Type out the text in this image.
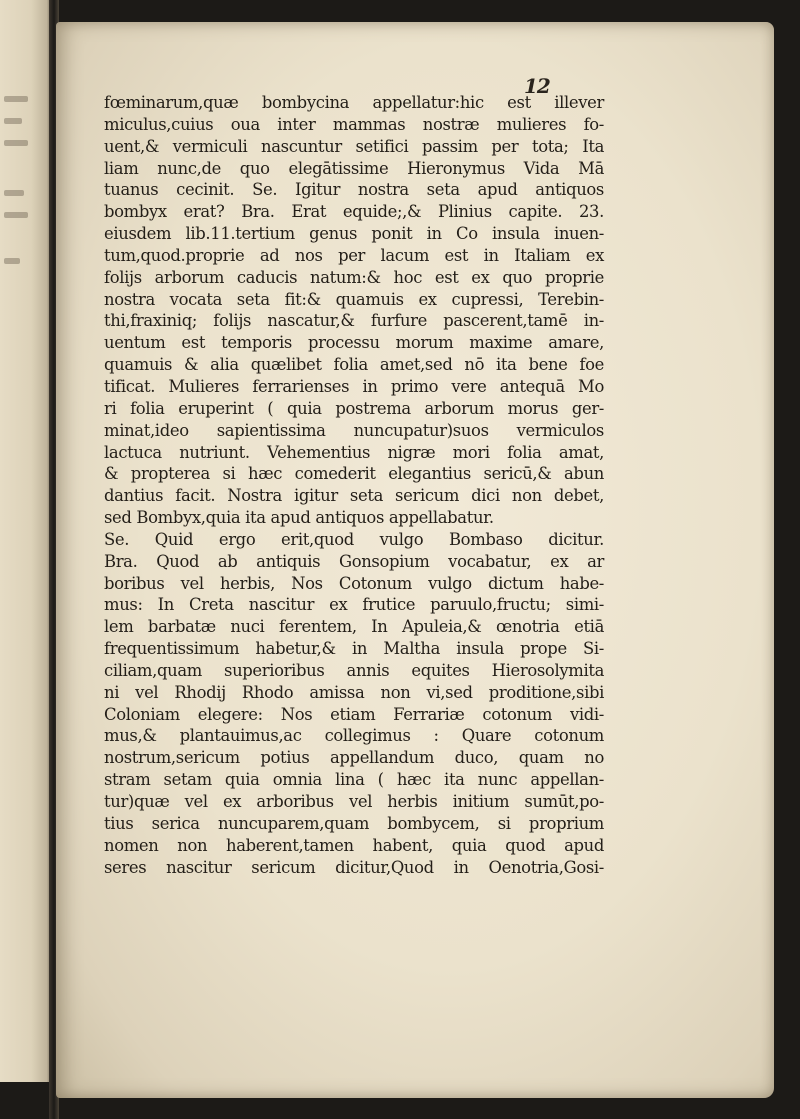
12
fœminarum,quæ bombycina appellatur:hic est illever
miculus,cuius oua inter mammas nostræ mulieres fo-
uent,& vermiculi nascuntur setifici passim per tota; Ita
liam nunc,de quo elegātissime Hieronymus Vida Mā
tuanus cecinit. Se. Igitur nostra seta apud antiquos
bombyx erat? Bra. Erat equide;,& Plinius capite. 23.
eiusdem lib.11.tertium genus ponit in Co insula inuen-
tum,quod.proprie ad nos per lacum est in Italiam ex
folijs arborum caducis natum:& hoc est ex quo proprie
nostra vocata seta fit:& quamuis ex cupressi, Terebin-
thi,fraxiniq; folijs nascatur,& furfure pascerent,tamē in-
uentum est temporis processu morum maxime amare,
quamuis & alia quælibet folia amet,sed nō ita bene foe
tificat. Mulieres ferrarienses in primo vere antequā Mo
ri folia eruperint ( quia postrema arborum morus ger-
minat,ideo sapientissima nuncupatur)suos vermiculos
lactuca nutriunt. Vehementius nigræ mori folia amat,
& propterea si hæc comederit elegantius sericū,& abun
dantius facit. Nostra igitur seta sericum dici non debet,
sed Bombyx,quia ita apud antiquos appellabatur.
Se. Quid ergo erit,quod vulgo Bombaso dicitur.
Bra. Quod ab antiquis Gonsopium vocabatur, ex ar
boribus vel herbis, Nos Cotonum vulgo dictum habe-
mus: In Creta nascitur ex frutice paruulo,fructu; simi-
lem barbatæ nuci ferentem, In Apuleia,& œnotria etiā
frequentissimum habetur,& in Maltha insula prope Si-
ciliam,quam superioribus annis equites Hierosolymita
ni vel Rhodij Rhodo amissa non vi,sed proditione,sibi
Coloniam elegere: Nos etiam Ferrariæ cotonum vidi-
mus,& plantauimus,ac collegimus : Quare cotonum
nostrum,sericum potius appellandum duco, quam no
stram setam quia omnia lina ( hæc ita nunc appellan-
tur)quæ vel ex arboribus vel herbis initium sumūt,po-
tius serica nuncuparem,quam bombycem, si proprium
nomen non haberent,tamen habent, quia quod apud
seres nascitur sericum dicitur,Quod in Oenotria,Gosi-
